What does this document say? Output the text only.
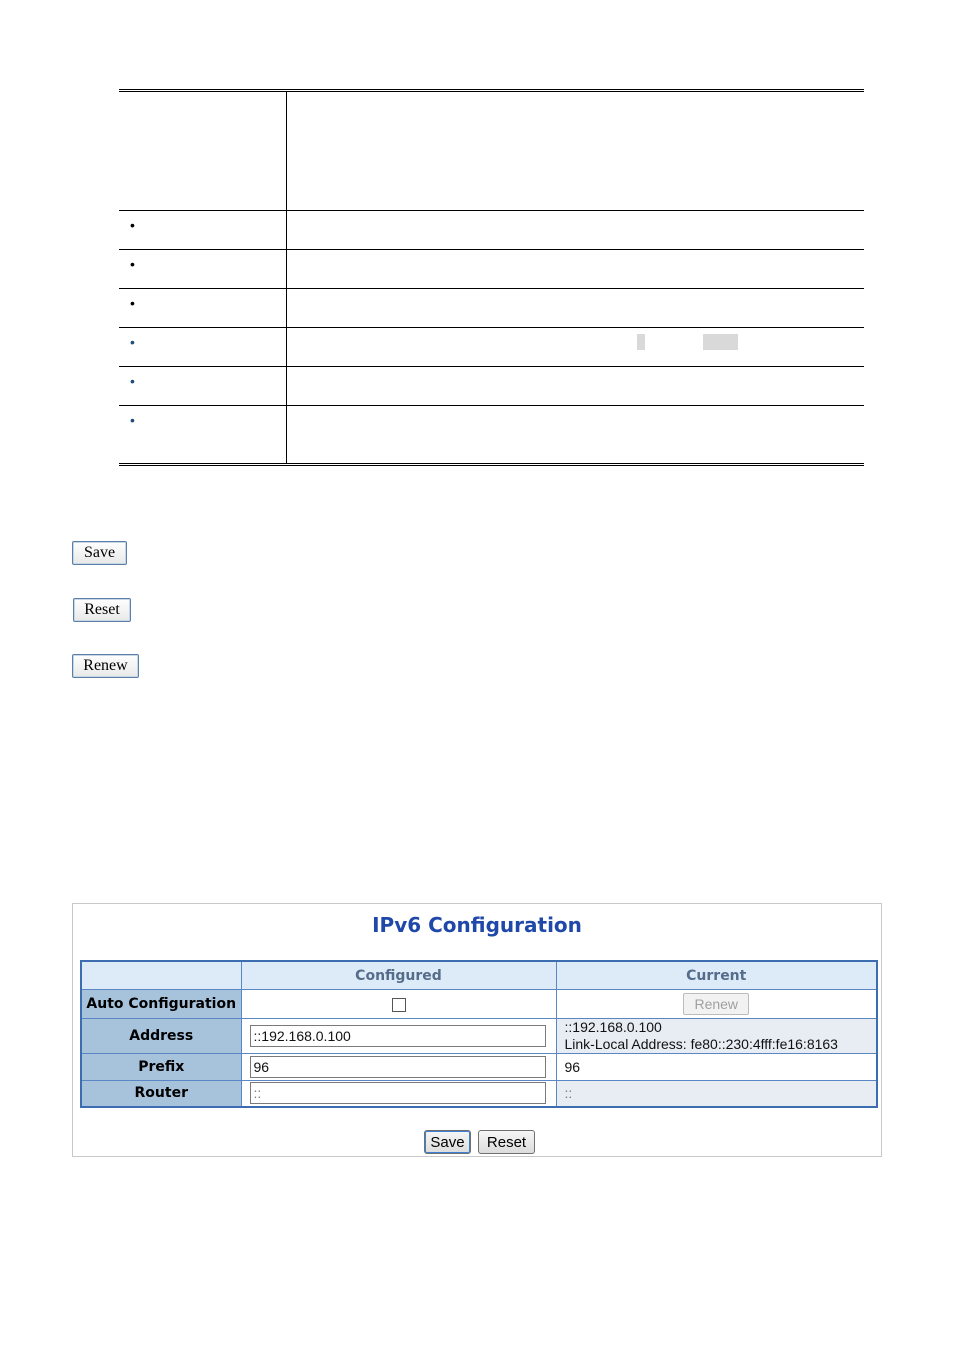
•
•
•
•
•
•
Save
Reset
Renew
IPv6 Configuration
	Configured	Current
Auto Configuration		Renew
Address	::192.168.0.100	::192.168.0.100
Link-Local Address: fe80::230:4fff:fe16:8163

Prefix	96	96
Router	::	::
Save	Reset
